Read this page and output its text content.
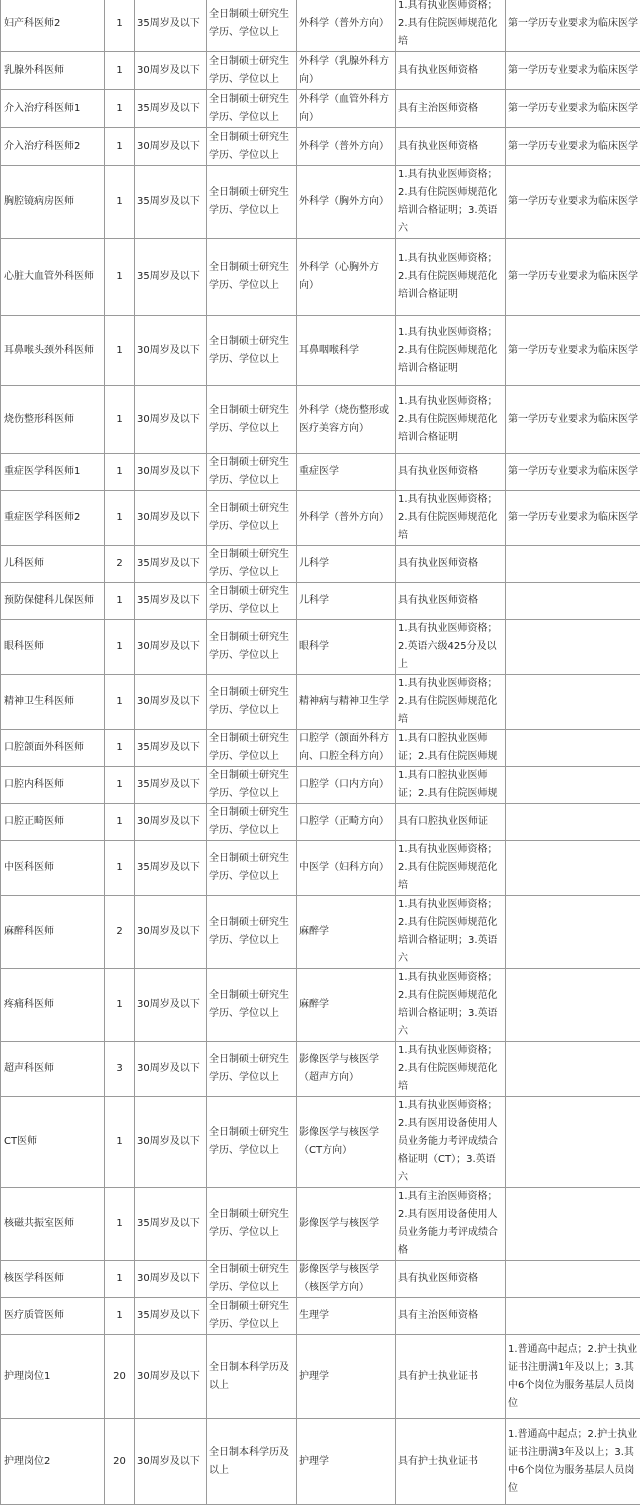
妇产科医师2	1	35周岁及以下	全日制硕士研究生学历、学位以上	外科学（普外方向）	1.具有执业医师资格；2.具有住院医师规范化培	第一学历专业要求为临床医学
乳腺外科医师	1	30周岁及以下	全日制硕士研究生学历、学位以上	外科学（乳腺外科方向）	具有执业医师资格	第一学历专业要求为临床医学
介入治疗科医师1	1	35周岁及以下	全日制硕士研究生学历、学位以上	外科学（血管外科方向）	具有主治医师资格	第一学历专业要求为临床医学
介入治疗科医师2	1	30周岁及以下	全日制硕士研究生学历、学位以上	外科学（普外方向）	具有执业医师资格	第一学历专业要求为临床医学
胸腔镜病房医师	1	35周岁及以下	全日制硕士研究生学历、学位以上	外科学（胸外方向）	1.具有执业医师资格；2.具有住院医师规范化培训合格证明；3.英语六	第一学历专业要求为临床医学
心脏大血管外科医师	1	35周岁及以下	全日制硕士研究生学历、学位以上	外科学（心胸外方向）	1.具有执业医师资格；2.具有住院医师规范化培训合格证明	第一学历专业要求为临床医学
耳鼻喉头颈外科医师	1	30周岁及以下	全日制硕士研究生学历、学位以上	耳鼻咽喉科学	1.具有执业医师资格；2.具有住院医师规范化培训合格证明	第一学历专业要求为临床医学
烧伤整形科医师	1	30周岁及以下	全日制硕士研究生学历、学位以上	外科学（烧伤整形或医疗美容方向）	1.具有执业医师资格；2.具有住院医师规范化培训合格证明	第一学历专业要求为临床医学
重症医学科医师1	1	30周岁及以下	全日制硕士研究生学历、学位以上	重症医学	具有执业医师资格	第一学历专业要求为临床医学
重症医学科医师2	1	30周岁及以下	全日制硕士研究生学历、学位以上	外科学（普外方向）	1.具有执业医师资格；2.具有住院医师规范化培	第一学历专业要求为临床医学
儿科医师	2	35周岁及以下	全日制硕士研究生学历、学位以上	儿科学	具有执业医师资格	
预防保健科儿保医师	1	35周岁及以下	全日制硕士研究生学历、学位以上	儿科学	具有执业医师资格	
眼科医师	1	30周岁及以下	全日制硕士研究生学历、学位以上	眼科学	1.具有执业医师资格；2.英语六级425分及以上	
精神卫生科医师	1	30周岁及以下	全日制硕士研究生学历、学位以上	精神病与精神卫生学	1.具有执业医师资格；2.具有住院医师规范化培	
口腔颌面外科医师	1	35周岁及以下	全日制硕士研究生学历、学位以上	口腔学（颌面外科方向、口腔全科方向）	1.具有口腔执业医师证；2.具有住院医师规	
口腔内科医师	1	35周岁及以下	全日制硕士研究生学历、学位以上	口腔学（口内方向）	1.具有口腔执业医师证；2.具有住院医师规	
口腔正畸医师	1	30周岁及以下	全日制硕士研究生学历、学位以上	口腔学（正畸方向）	具有口腔执业医师证	
中医科医师	1	35周岁及以下	全日制硕士研究生学历、学位以上	中医学（妇科方向）	1.具有执业医师资格；2.具有住院医师规范化培	
麻醉科医师	2	30周岁及以下	全日制硕士研究生学历、学位以上	麻醉学	1.具有执业医师资格；2.具有住院医师规范化培训合格证明；3.英语六	
疼痛科医师	1	30周岁及以下	全日制硕士研究生学历、学位以上	麻醉学	1.具有执业医师资格；2.具有住院医师规范化培训合格证明；3.英语六	
超声科医师	3	30周岁及以下	全日制硕士研究生学历、学位以上	影像医学与核医学（超声方向）	1.具有执业医师资格；2.具有住院医师规范化培	
CT医师	1	30周岁及以下	全日制硕士研究生学历、学位以上	影像医学与核医学（CT方向）	1.具有执业医师资格；2.具有医用设备使用人员业务能力考评成绩合格证明（CT）；3.英语六	
核磁共振室医师	1	35周岁及以下	全日制硕士研究生学历、学位以上	影像医学与核医学	1.具有主治医师资格；2.具有医用设备使用人员业务能力考评成绩合格	
核医学科医师	1	30周岁及以下	全日制硕士研究生学历、学位以上	影像医学与核医学（核医学方向）	具有执业医师资格	
医疗质管医师	1	35周岁及以下	全日制硕士研究生学历、学位以上	生理学	具有主治医师资格	
护理岗位1	20	30周岁及以下	全日制本科学历及以上	护理学	具有护士执业证书	1.普通高中起点；2.护士执业证书注册满1年及以上；3.其中6个岗位为服务基层人员岗位
护理岗位2	20	30周岁及以下	全日制本科学历及以上	护理学	具有护士执业证书	1.普通高中起点；2.护士执业证书注册满3年及以上；3.其中6个岗位为服务基层人员岗位
